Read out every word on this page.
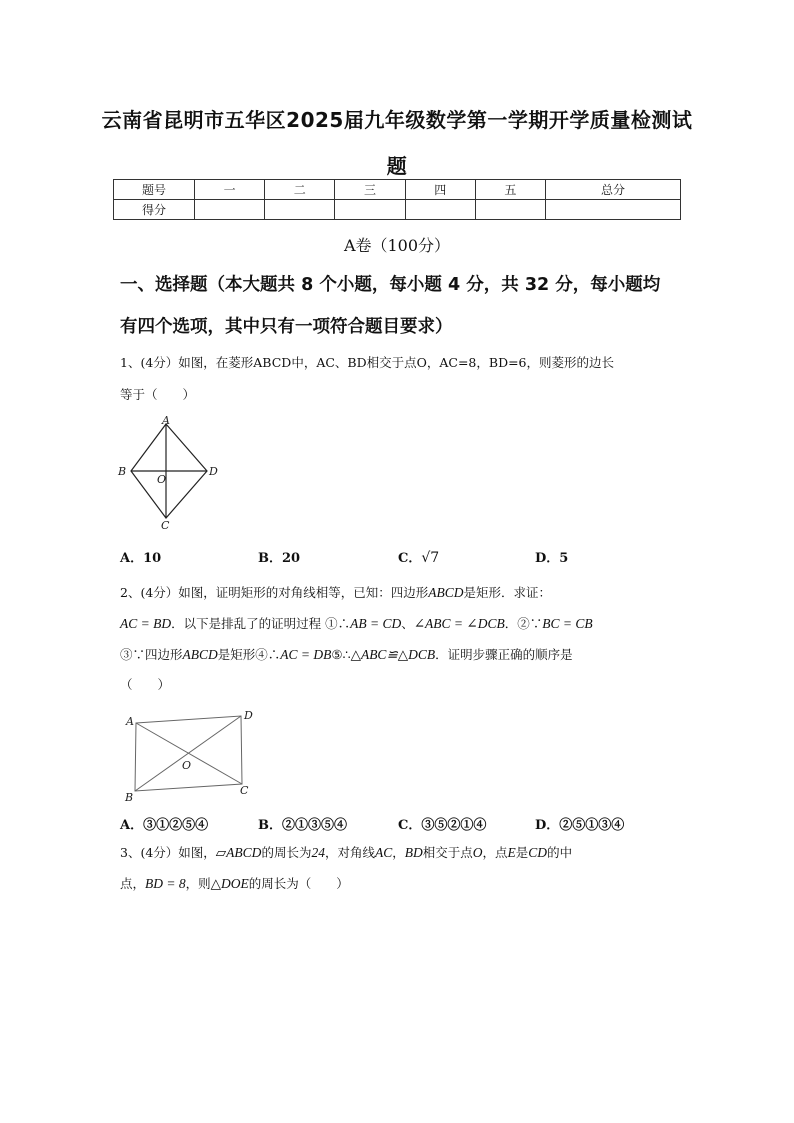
云南省昆明市五华区2025届九年级数学第一学期开学质量检测试
题
题号	一	二	三	四	五	总分
得分						
A卷（100分）
一、选择题（本大题共 8 个小题，每小题 4 分，共 32 分，每小题均
有四个选项，其中只有一项符合题目要求）
1、(4分）如图，在菱形ABCD中，AC、BD相交于点O，AC=8，BD=6，则菱形的边长
等于（　　）
A
B	D
C
O
A．10	B．20	C．√7	D．5
2、(4分）如图，证明矩形的对角线相等，已知：四边形ABCD是矩形．求证：
AC = BD．以下是排乱了的证明过程 ①∴AB = CD、∠ABC = ∠DCB．②∵BC = CB
③∵四边形ABCD是矩形④∴AC = DB⑤∴△ABC≌△DCB．证明步骤正确的顺序是
（　　）
A	D
B
C
O
A．③①②⑤④	B．②①③⑤④	C．③⑤②①④	D．②⑤①③④
3、(4分）如图，▱ABCD的周长为24，对角线AC，BD相交于点O，点E是CD的中
点，BD = 8，则△DOE的周长为（　　）
